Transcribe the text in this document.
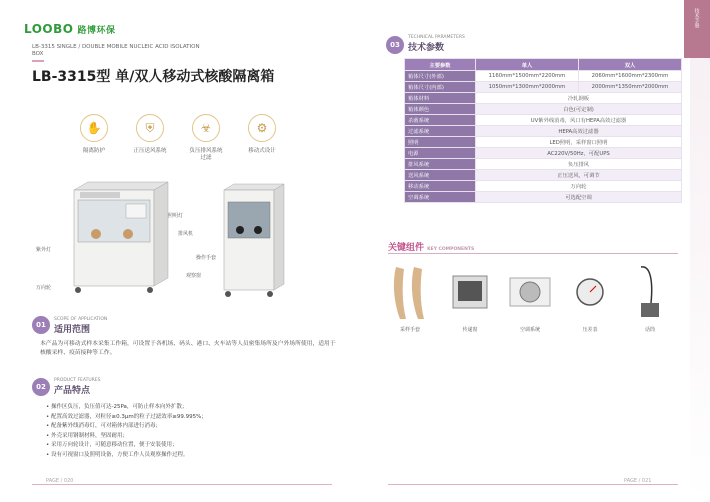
LOOBO 路博环保
LB-3315 SINGLE / DOUBLE MOBILE NUCLEIC ACID ISOLATION BOX
LB-3315型 单/双人移动式核酸隔离箱
✋
隔离防护
⛨
正压送风系统
☣
负压排风系统
过滤
⚙
移动式设计
照明灯
排风机
紫外灯
操作手套
观察窗
万向轮
01
SCOPE OF APPLICATION
适用范围
本产品为可移动式样本采集工作箱，可设置于各机场、码头、港口、火车站等人员密集场所及户外场所使用，适用于核酸采样、疫苗接种等工作。
02
PRODUCT FEATURES
产品特点
• 操作区负压，负压值可达-25Pa，可防止样本向外扩散；
• 配置高效过滤器，对粒径≥0.3μm的粒子过滤效率≥99.995%；
• 配备紫外线消毒灯，可对箱体内部进行消毒；
• 外壳采用钢制材料，坚固耐用；
• 采用万向轮设计，可随意移动位置，便于安装使用；
• 设有可视窗口及照明设备，方便工作人员观察操作过程。
PAGE / 020
技术手册
03
TECHNICAL PARAMETERS
技术参数
主要参数	单人	双人
箱体尺寸(外部)	1160mm*1500mm*2200mm	2060mm*1600mm*2300mm
箱体尺寸(内部)	1050mm*1300mm*2000mm	2000mm*1350mm*2000mm
箱体材料	冷轧钢板	
箱体颜色	白色(可定制)	
杀菌系统	UV紫外线消毒，风口有HEPA高效过滤器	
过滤系统	HEPA高效过滤器	
照明	LED照明，采样窗口照明	
电源	AC220V/50Hz，可配UPS	
排风系统	负压排风	
送风系统	正压送风，可调节	
移动系统	万向轮	
空调系统	可选配空调	
关键组件 KEY COMPONENTS
采样手套	传递窗	空调系统	压差表	话筒
PAGE / 021
